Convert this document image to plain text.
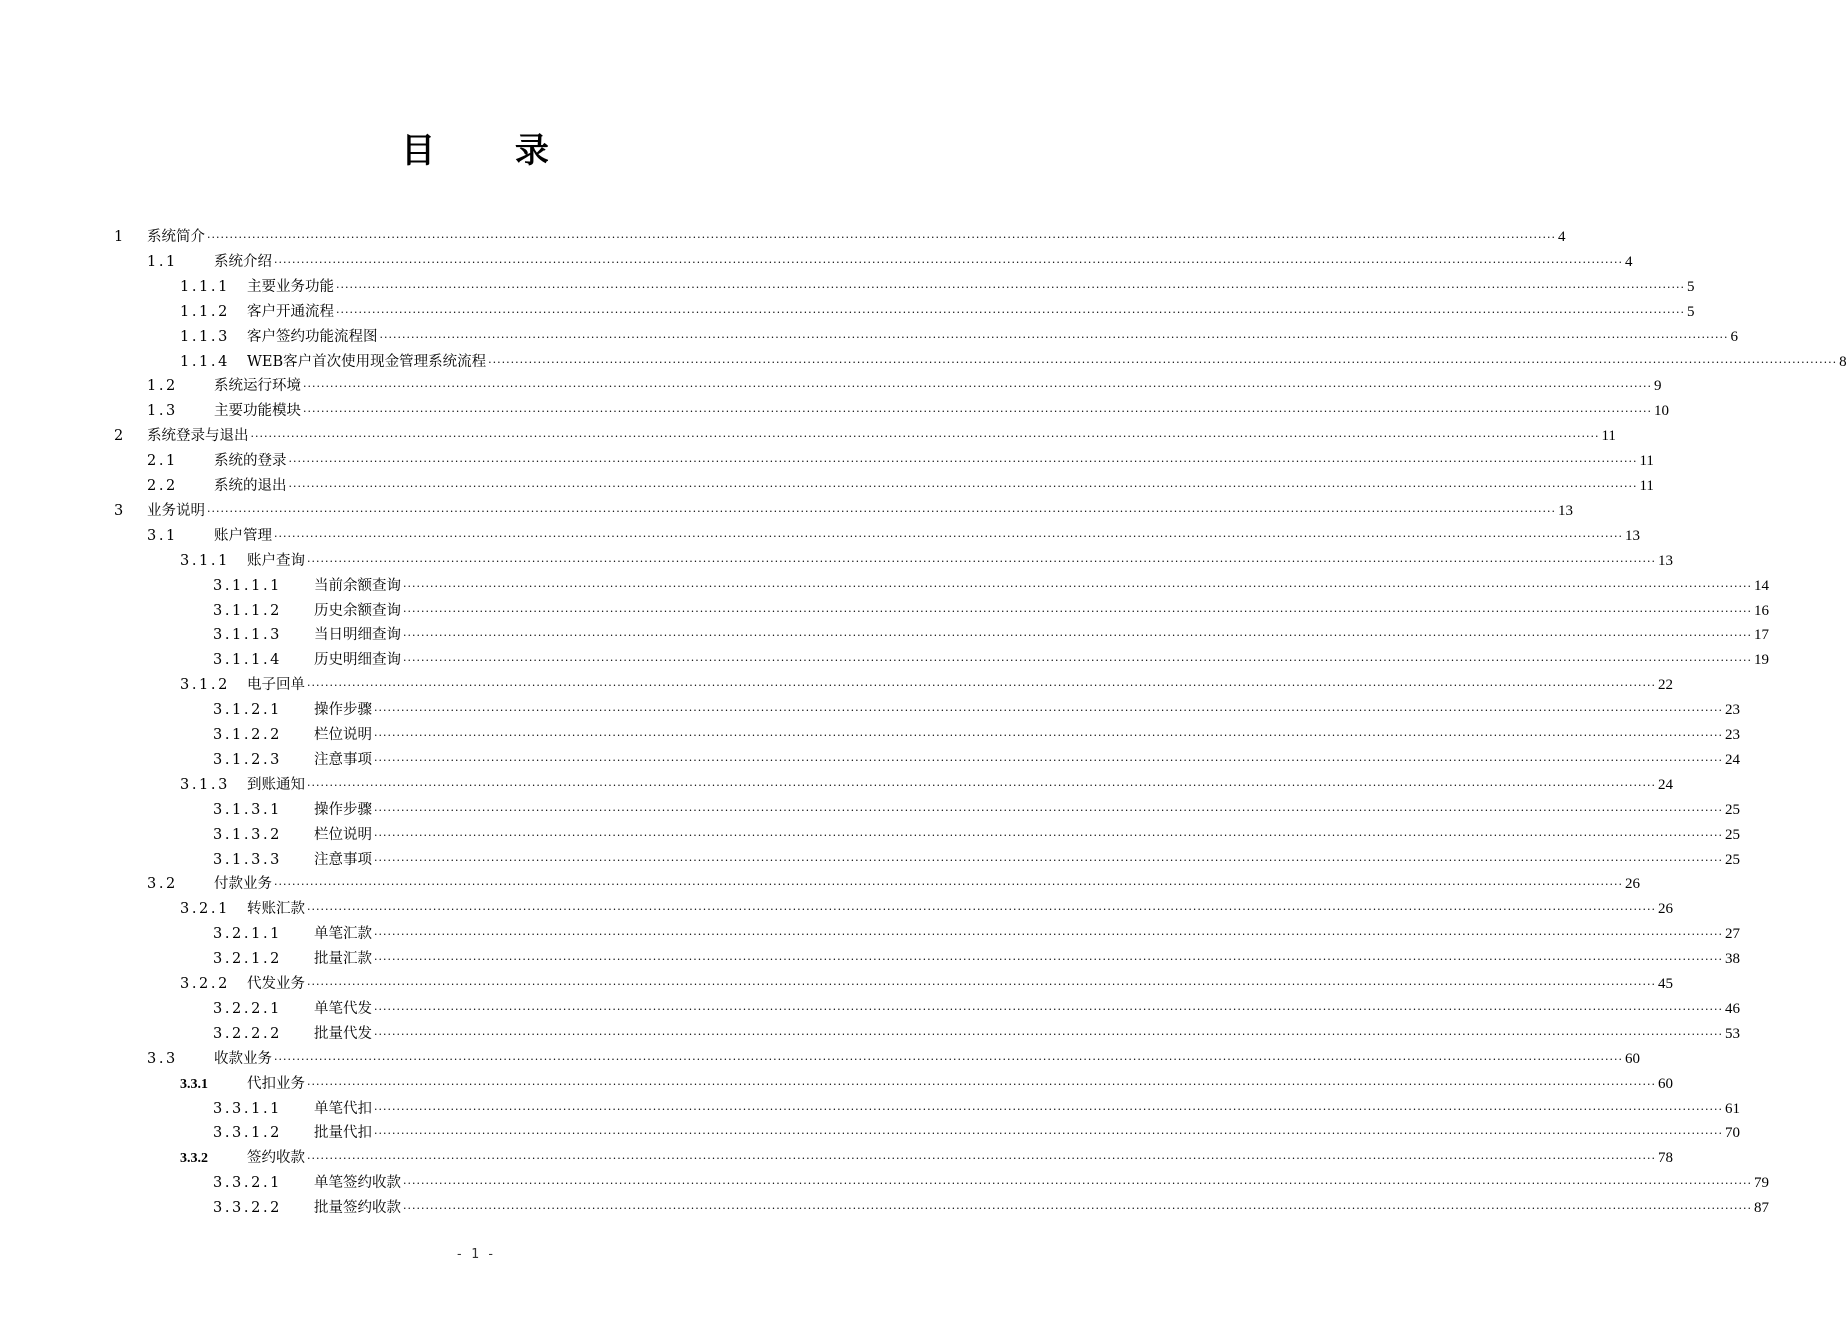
目 录
1 系统简介 ············································································································································································································································································································ 4
1 . 1	系统介绍 ············································································································································································································································································································ 4
1 . 1 . 1 主要业务功能 ············································································································································································································································································································ 5
1 . 1 . 2 客户开通流程 ············································································································································································································································································································ 5
1 . 1 . 3 客户签约功能流程图 ············································································································································································································································································································ 6
1 . 1 . 4 WEB客户首次使用现金管理系统流程 ············································································································································································································································································································ 8
1 . 2	系统运行环境 ············································································································································································································································································································ 9
1 . 3	主要功能模块 ············································································································································································································································································································ 10
2 系统登录与退出 ············································································································································································································································································································ 11
2 . 1	系统的登录 ············································································································································································································································································································ 11
2 . 2	系统的退出 ············································································································································································································································································································ 11
3 业务说明 ············································································································································································································································································································ 13
3 . 1	账户管理 ············································································································································································································································································································ 13
3 . 1 . 1 账户查询 ············································································································································································································································································································ 13
3 . 1 . 1 . 1 当前余额查询 ············································································································································································································································································································ 14
3 . 1 . 1 . 2 历史余额查询 ············································································································································································································································································································ 16
3 . 1 . 1 . 3 当日明细查询 ············································································································································································································································································································ 17
3 . 1 . 1 . 4 历史明细查询 ············································································································································································································································································································ 19
3 . 1 . 2 电子回单 ············································································································································································································································································································ 22
3 . 1 . 2 . 1 操作步骤 ············································································································································································································································································································ 23
3 . 1 . 2 . 2 栏位说明 ············································································································································································································································································································ 23
3 . 1 . 2 . 3 注意事项 ············································································································································································································································································································ 24
3 . 1 . 3 到账通知 ············································································································································································································································································································ 24
3 . 1 . 3 . 1 操作步骤 ············································································································································································································································································································ 25
3 . 1 . 3 . 2 栏位说明 ············································································································································································································································································································ 25
3 . 1 . 3 . 3 注意事项 ············································································································································································································································································································ 25
3 . 2	付款业务 ············································································································································································································································································································ 26
3 . 2 . 1 转账汇款 ············································································································································································································································································································ 26
3 . 2 . 1 . 1 单笔汇款 ············································································································································································································································································································ 27
3 . 2 . 1 . 2 批量汇款 ············································································································································································································································································································ 38
3 . 2 . 2 代发业务 ············································································································································································································································································································ 45
3 . 2 . 2 . 1 单笔代发 ············································································································································································································································································································ 46
3 . 2 . 2 . 2 批量代发 ············································································································································································································································································································ 53
3 . 3	收款业务 ············································································································································································································································································································ 60
3.3.1	代扣业务 ············································································································································································································································································································ 60
3 . 3 . 1 . 1 单笔代扣 ············································································································································································································································································································ 61
3 . 3 . 1 . 2 批量代扣 ············································································································································································································································································································ 70
3.3.2	签约收款 ············································································································································································································································································································ 78
3 . 3 . 2 . 1 单笔签约收款 ············································································································································································································································································································ 79
3 . 3 . 2 . 2 批量签约收款 ············································································································································································································································································································ 87
- 1 -
